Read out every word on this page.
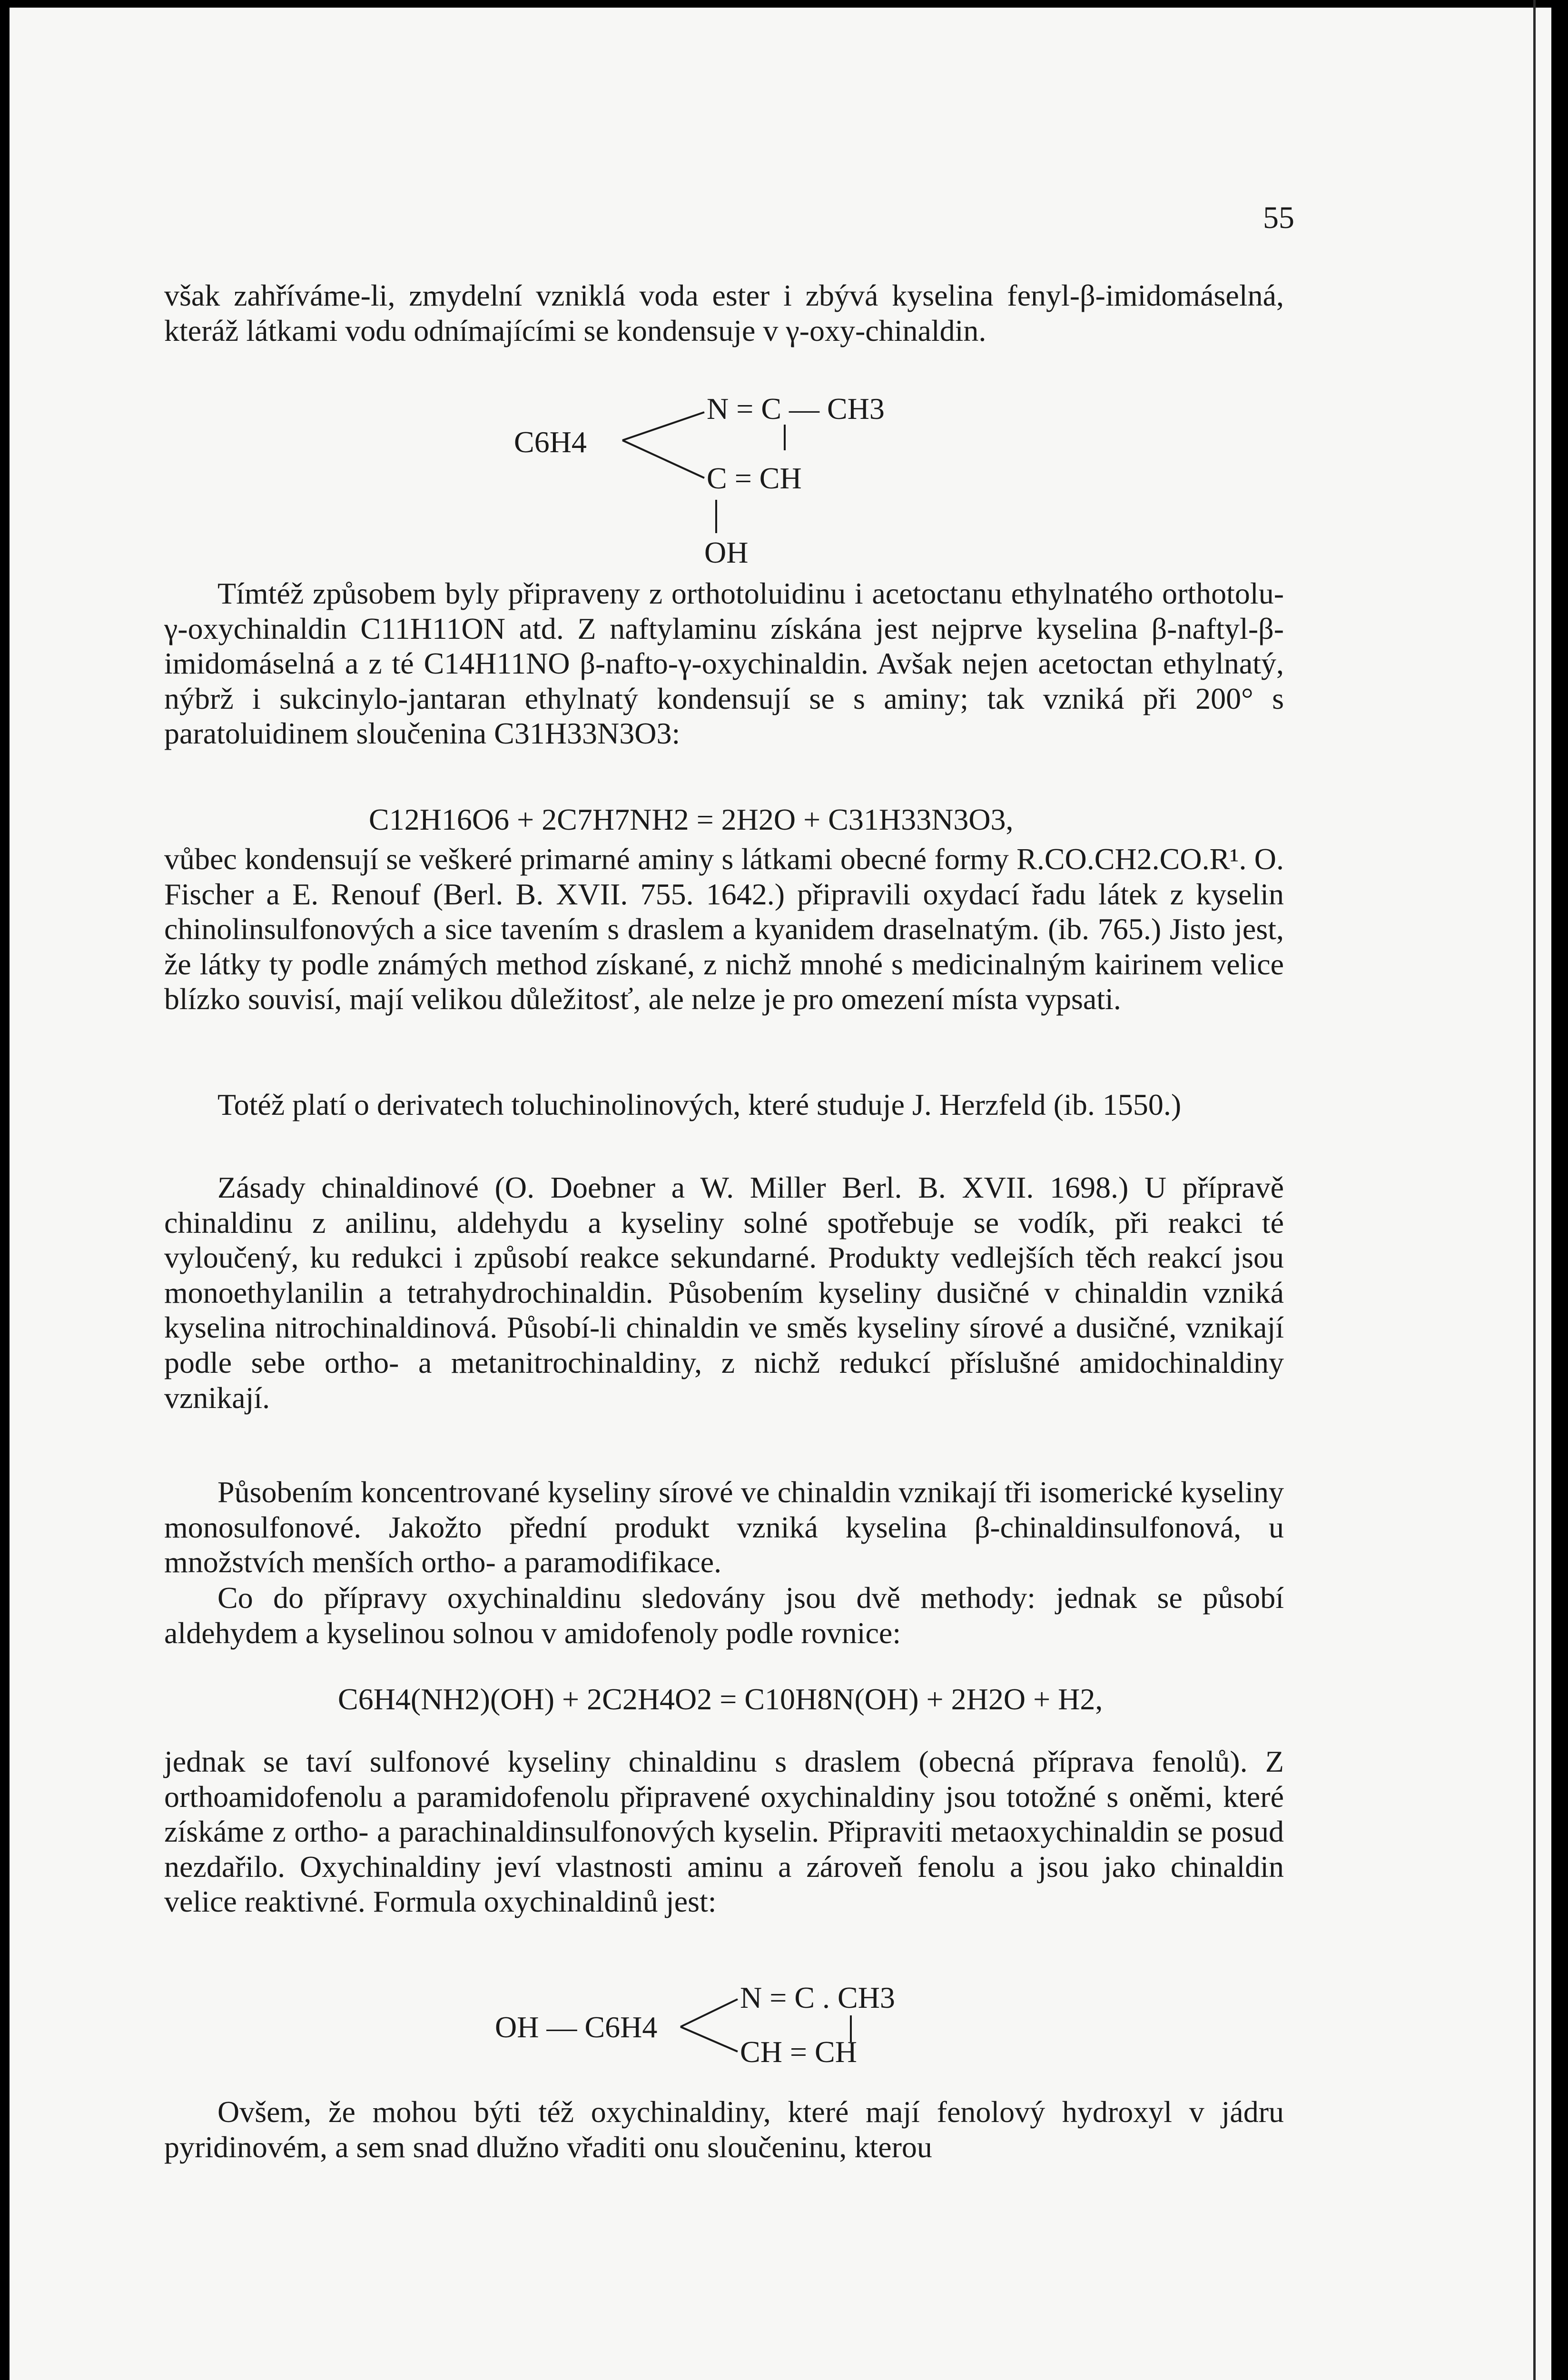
55
však zahříváme-li, zmydelní vzniklá voda ester i zbývá kyselina fenyl-β-imidomáselná, kteráž látkami vodu odnímajícími se kondensuje v γ-oxy-chinaldin.
C6H4
N = C — CH3
C = CH
OH
Tímtéž způsobem byly připraveny z orthotoluidinu i acetoctanu ethylnatého orthotolu-γ-oxychinaldin C11H11ON atd. Z naftylaminu získána jest nejprve kyselina β-naftyl-β-imidomáselná a z té C14H11NO β-nafto-γ-oxychinaldin. Avšak nejen acetoctan ethylnatý, nýbrž i sukcinylo-jantaran ethylnatý kondensují se s aminy; tak vzniká při 200° s paratoluidinem sloučenina C31H33N3O3:
C12H16O6 + 2C7H7NH2 = 2H2O + C31H33N3O3,
vůbec kondensují se veškeré primarné aminy s látkami obecné formy R.CO.CH2.CO.R¹. O. Fischer a E. Renouf (Berl. B. XVII. 755. 1642.) připravili oxydací řadu látek z kyselin chinolinsulfonových a sice tavením s draslem a kyanidem draselnatým. (ib. 765.) Jisto jest, že látky ty podle známých method získané, z nichž mnohé s medicinalným kairinem velice blízko souvisí, mají velikou důležitosť, ale nelze je pro omezení místa vypsati.
Totéž platí o derivatech toluchinolinových, které studuje J. Herzfeld (ib. 1550.)
Zásady chinaldinové (O. Doebner a W. Miller Berl. B. XVII. 1698.) U přípravě chinaldinu z anilinu, aldehydu a kyseliny solné spotřebuje se vodík, při reakci té vyloučený, ku redukci i způsobí reakce sekundarné. Produkty vedlejších těch reakcí jsou monoethylanilin a tetrahydrochinaldin. Působením kyseliny dusičné v chinaldin vzniká kyselina nitrochinaldinová. Působí-li chinaldin ve směs kyseliny sírové a dusičné, vznikají podle sebe ortho- a metanitrochinaldiny, z nichž redukcí příslušné amidochinaldiny vznikají.
Působením koncentrované kyseliny sírové ve chinaldin vznikají tři isomerické kyseliny monosulfonové. Jakožto přední produkt vzniká kyselina β-chinaldinsulfonová, u množstvích menších ortho- a paramodifikace.
Co do přípravy oxychinaldinu sledovány jsou dvě methody: jednak se působí aldehydem a kyselinou solnou v amidofenoly podle rovnice:
C6H4(NH2)(OH) + 2C2H4O2 = C10H8N(OH) + 2H2O + H2,
jednak se taví sulfonové kyseliny chinaldinu s draslem (obecná příprava fenolů). Z orthoamidofenolu a paramidofenolu připravené oxychinaldiny jsou totožné s oněmi, které získáme z ortho- a parachinaldinsulfonových kyselin. Připraviti metaoxychinaldin se posud nezdařilo. Oxychinaldiny jeví vlastnosti aminu a zároveň fenolu a jsou jako chinaldin velice reaktivné. Formula oxychinaldinů jest:
OH — C6H4
N = C . CH3
CH = CH
Ovšem, že mohou býti též oxychinaldiny, které mají fenolový hydroxyl v jádru pyridinovém, a sem snad dlužno vřaditi onu sloučeninu, kterou
